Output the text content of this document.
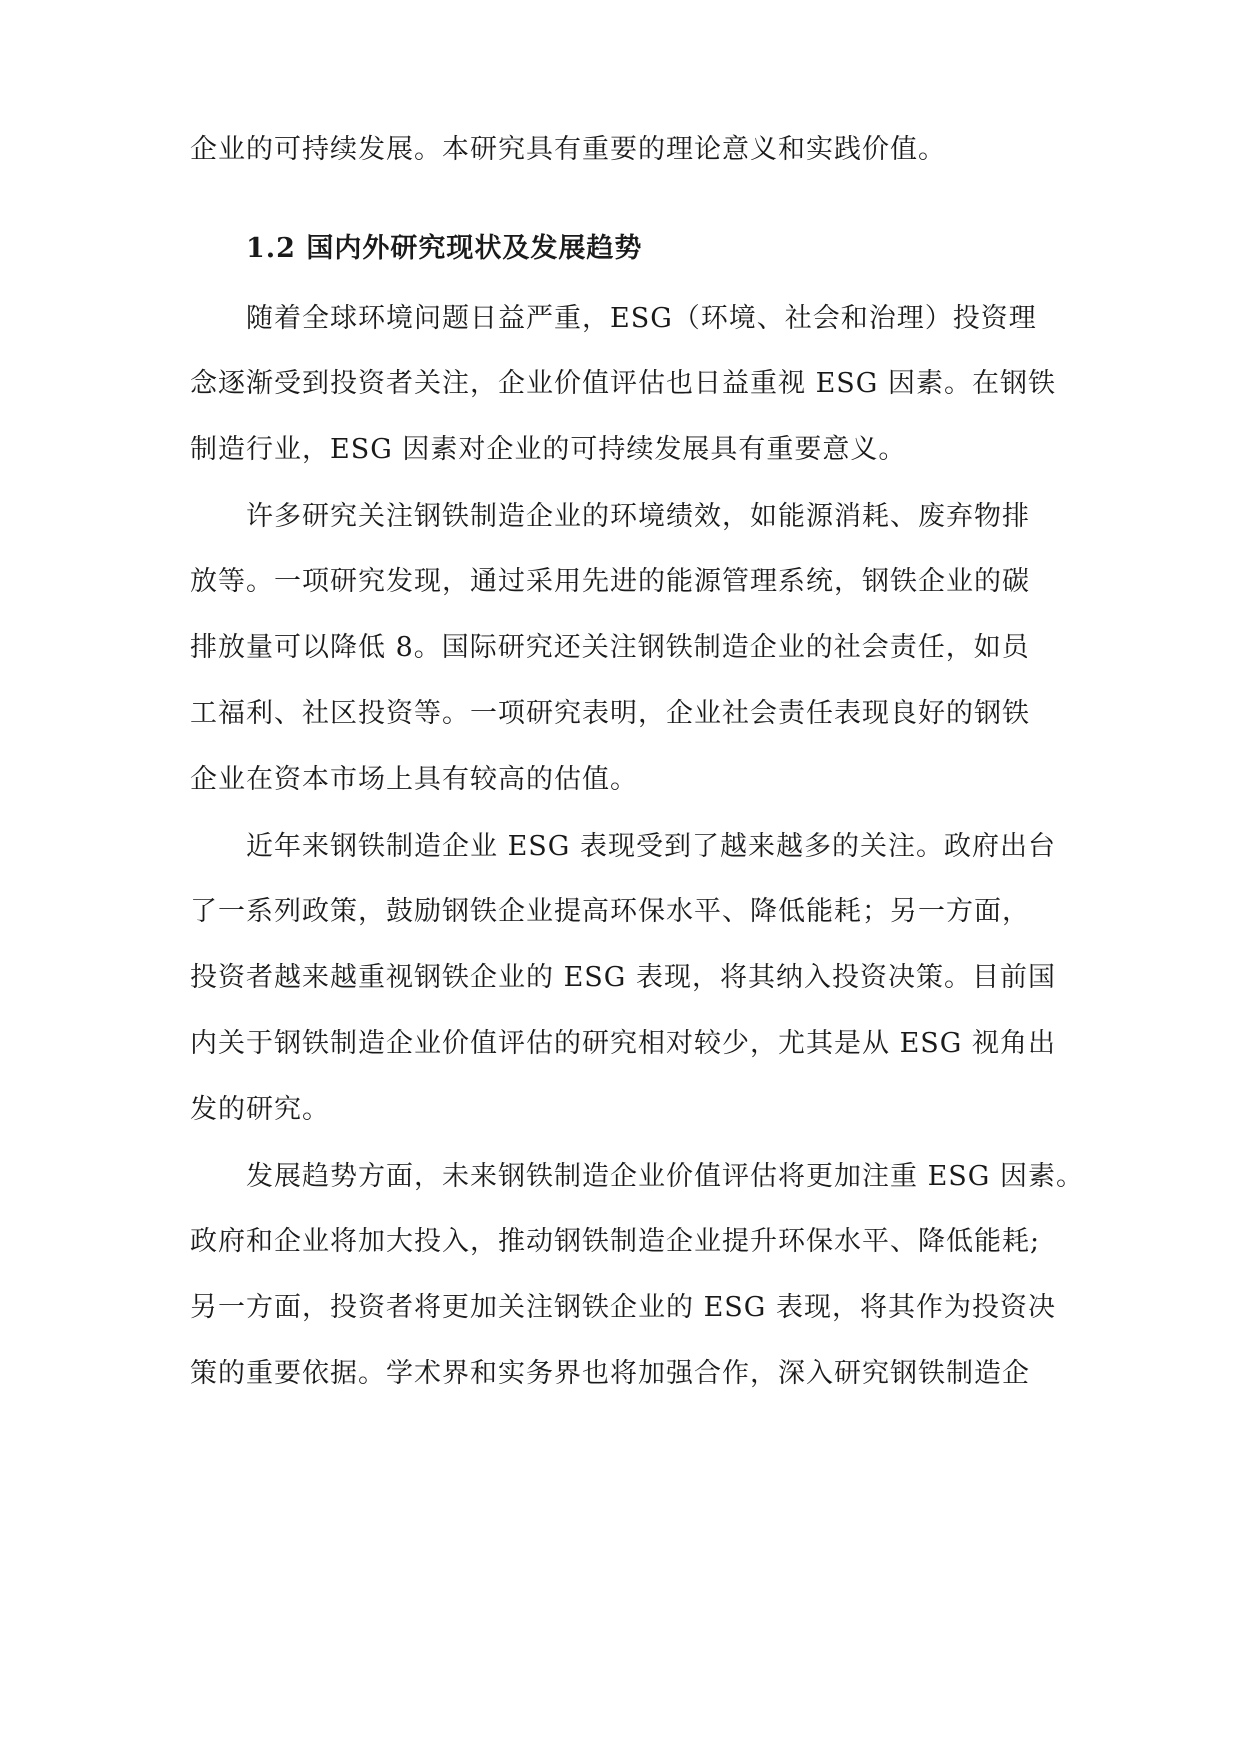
企业的可持续发展。本研究具有重要的理论意义和实践价值。
1.2 国内外研究现状及发展趋势
随着全球环境问题日益严重，ESG（环境、社会和治理）投资理
念逐渐受到投资者关注，企业价值评估也日益重视 ESG 因素。在钢铁
制造行业，ESG 因素对企业的可持续发展具有重要意义。
许多研究关注钢铁制造企业的环境绩效，如能源消耗、废弃物排
放等。一项研究发现，通过采用先进的能源管理系统，钢铁企业的碳
排放量可以降低 8。国际研究还关注钢铁制造企业的社会责任，如员
工福利、社区投资等。一项研究表明，企业社会责任表现良好的钢铁
企业在资本市场上具有较高的估值。
近年来钢铁制造企业 ESG 表现受到了越来越多的关注。政府出台
了一系列政策，鼓励钢铁企业提高环保水平、降低能耗；另一方面，
投资者越来越重视钢铁企业的 ESG 表现，将其纳入投资决策。目前国
内关于钢铁制造企业价值评估的研究相对较少，尤其是从 ESG 视角出
发的研究。
发展趋势方面，未来钢铁制造企业价值评估将更加注重 ESG 因素。
政府和企业将加大投入，推动钢铁制造企业提升环保水平、降低能耗;
另一方面，投资者将更加关注钢铁企业的 ESG 表现，将其作为投资决
策的重要依据。学术界和实务界也将加强合作，深入研究钢铁制造企
